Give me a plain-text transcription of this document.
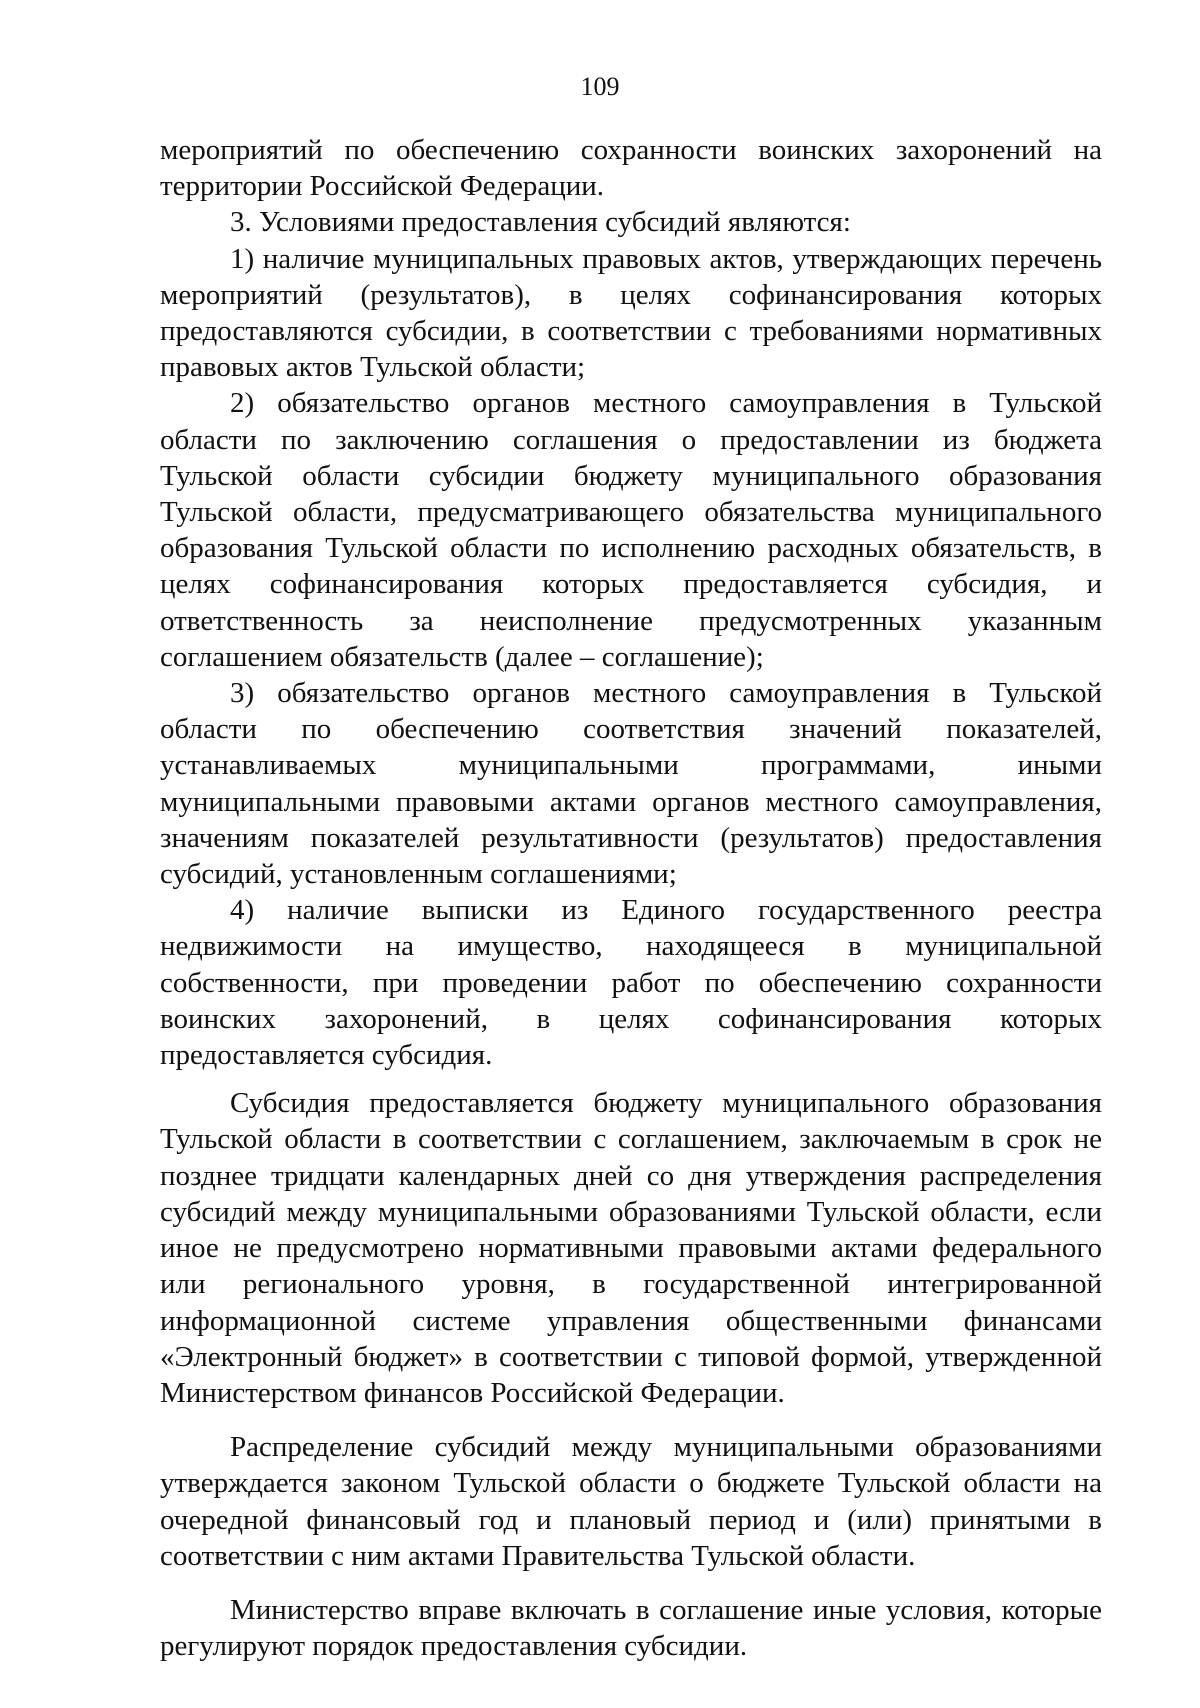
109

мероприятий по обеспечению сохранности воинских захоронений на территории Российской Федерации.

3. Условиями предоставления субсидий являются:

1) наличие муниципальных правовых актов, утверждающих перечень мероприятий (результатов), в целях софинансирования которых предоставляются субсидии, в соответствии с требованиями нормативных правовых актов Тульской области;

2) обязательство органов местного самоуправления в Тульской области по заключению соглашения о предоставлении из бюджета Тульской области субсидии бюджету муниципального образования Тульской области, предусматривающего обязательства муниципального образования Тульской области по исполнению расходных обязательств, в целях софинансирования которых предоставляется субсидия, и ответственность за неисполнение предусмотренных указанным соглашением обязательств (далее – соглашение);

3) обязательство органов местного самоуправления в Тульской области по обеспечению соответствия значений показателей, устанавливаемых муниципальными программами, иными муниципальными правовыми актами органов местного самоуправления, значениям показателей результативности (результатов) предоставления субсидий, установленным соглашениями;

4) наличие выписки из Единого государственного реестра недвижимости на имущество, находящееся в муниципальной собственности, при проведении работ по обеспечению сохранности воинских захоронений, в целях софинансирования которых предоставляется субсидия.

Субсидия предоставляется бюджету муниципального образования Тульской области в соответствии с соглашением, заключаемым в срок не позднее тридцати календарных дней со дня утверждения распределения субсидий между муниципальными образованиями Тульской области, если иное не предусмотрено нормативными правовыми актами федерального или регионального уровня, в государственной интегрированной информационной системе управления общественными финансами «Электронный бюджет» в соответствии с типовой формой, утвержденной Министерством финансов Российской Федерации.

Распределение субсидий между муниципальными образованиями утверждается законом Тульской области о бюджете Тульской области на очередной финансовый год и плановый период и (или) принятыми в соответствии с ним актами Правительства Тульской области.

Министерство вправе включать в соглашение иные условия, которые регулируют порядок предоставления субсидии.
